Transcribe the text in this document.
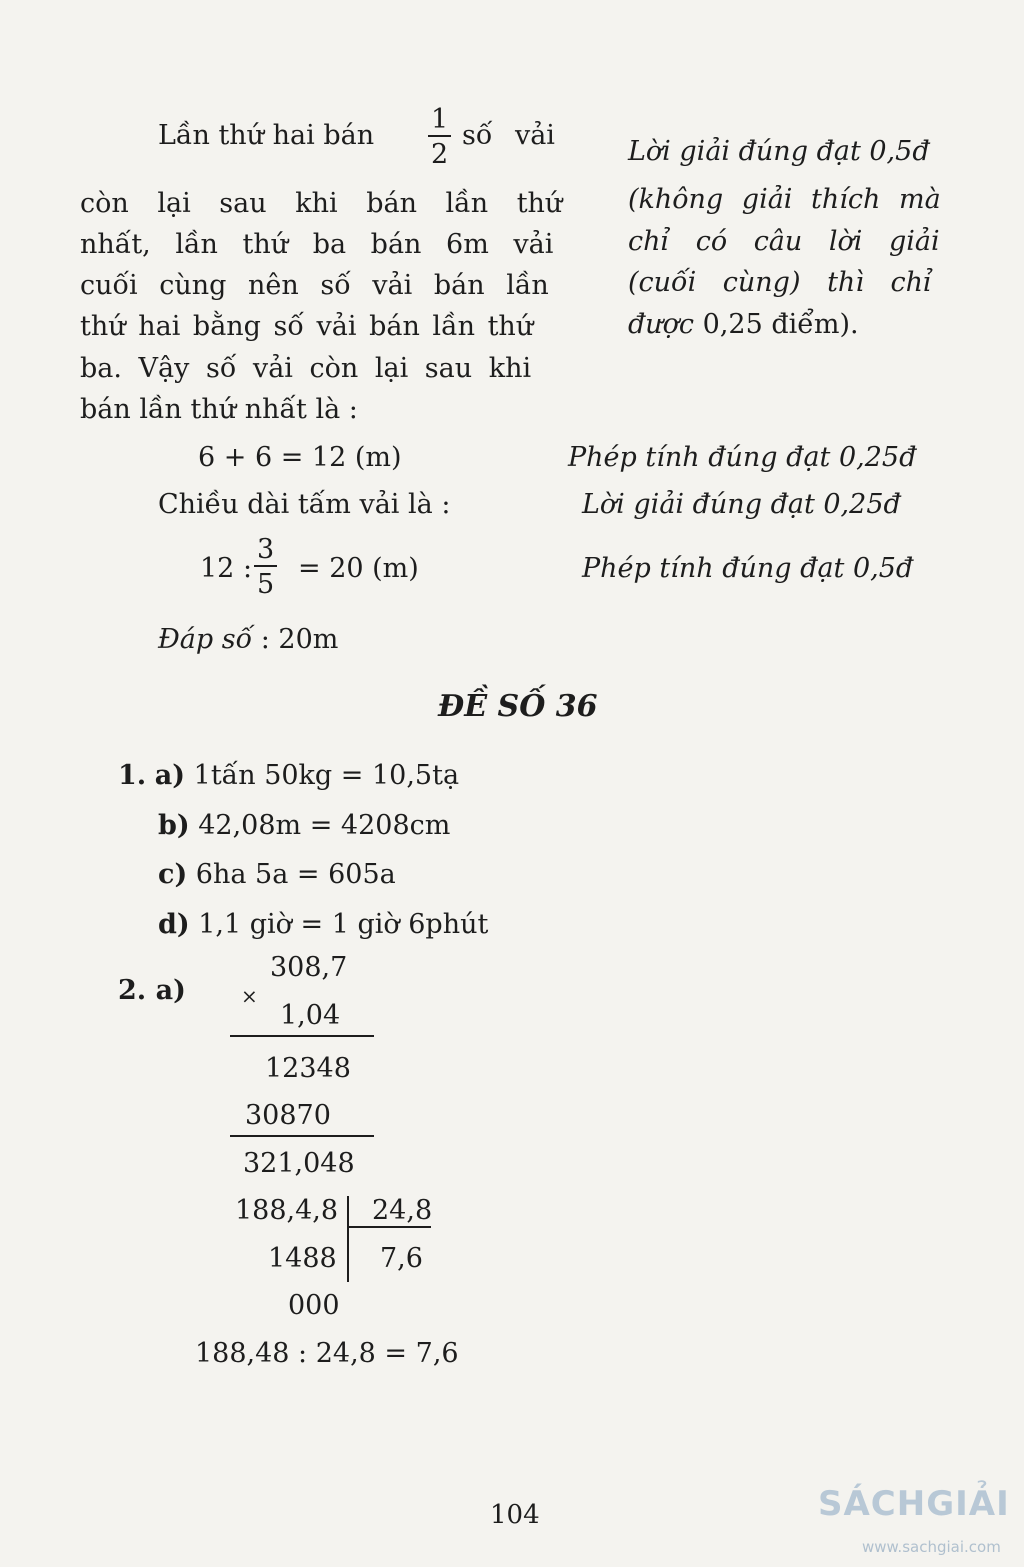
Lần thứ hai bán
1
2
số vải
còn lại sau khi bán lần thứ
nhất, lần thứ ba bán 6m vải
cuối cùng nên số vải bán lần
thứ hai bằng số vải bán lần thứ
ba. Vậy số vải còn lại sau khi
bán lần thứ nhất là :
Lời giải đúng đạt 0,5đ
(không giải thích mà
chỉ có câu lời giải
(cuối cùng) thì chỉ
được 0,25 điểm).
6 + 6 = 12 (m)	Phép tính đúng đạt 0,25đ
Chiều dài tấm vải là :	Lời giải đúng đạt 0,25đ
12 :
3
5
= 20 (m)	Phép tính đúng đạt 0,5đ
Đáp số : 20m
ĐỀ SỐ 36
1. a) 1tấn 50kg = 10,5tạ
b) 42,08m = 4208cm
c) 6ha 5a = 605a
d) 1,1 giờ = 1 giờ 6phút
2. a)	×
308,7
1,04
12348
30870
321,048
188,4,8 24,8
1488 7,6
000
188,48 : 24,8 = 7,6
104	SÁCHGIẢI
www.sachgiai.com
